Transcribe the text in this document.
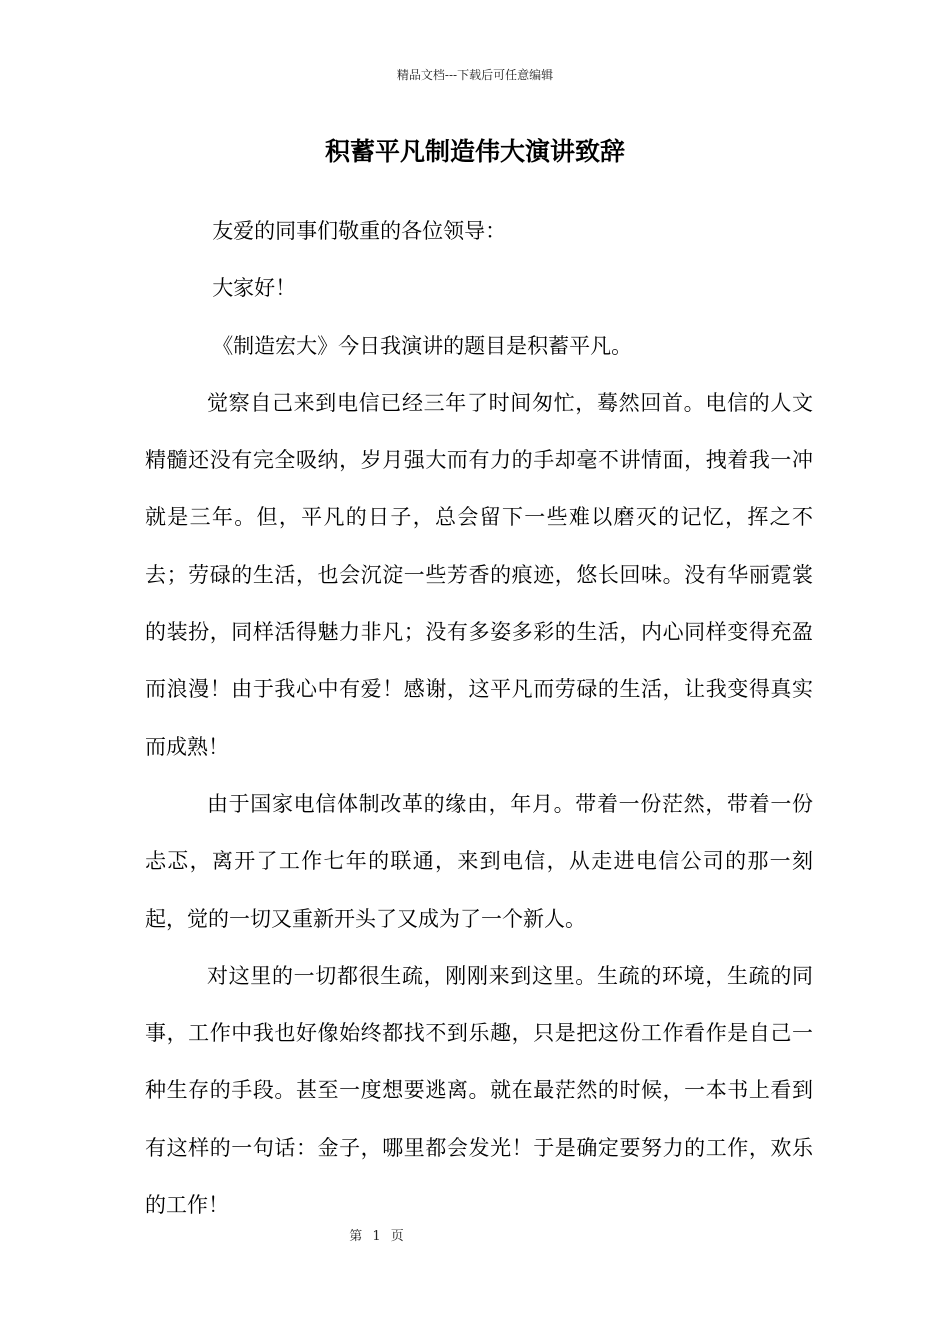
精品文档---下载后可任意编辑
积蓄平凡制造伟大演讲致辞

友爱的同事们敬重的各位领导：

大家好！

《制造宏大》今日我演讲的题目是积蓄平凡。

觉察自己来到电信已经三年了时间匆忙，蓦然回首。电信的人文精髓还没有完全吸纳，岁月强大而有力的手却毫不讲情面，拽着我一冲就是三年。但，平凡的日子，总会留下一些难以磨灭的记忆，挥之不去；劳碌的生活，也会沉淀一些芳香的痕迹，悠长回味。没有华丽霓裳的装扮，同样活得魅力非凡；没有多姿多彩的生活，内心同样变得充盈而浪漫！由于我心中有爱！感谢，这平凡而劳碌的生活，让我变得真实而成熟！

由于国家电信体制改革的缘由，年月。带着一份茫然，带着一份忐忑，离开了工作七年的联通，来到电信，从走进电信公司的那一刻起，觉的一切又重新开头了又成为了一个新人。

对这里的一切都很生疏，刚刚来到这里。生疏的环境，生疏的同事，工作中我也好像始终都找不到乐趣，只是把这份工作看作是自己一种生存的手段。甚至一度想要逃离。就在最茫然的时候，一本书上看到有这样的一句话：金子，哪里都会发光！于是确定要努力的工作，欢乐的工作！

第 1 页
